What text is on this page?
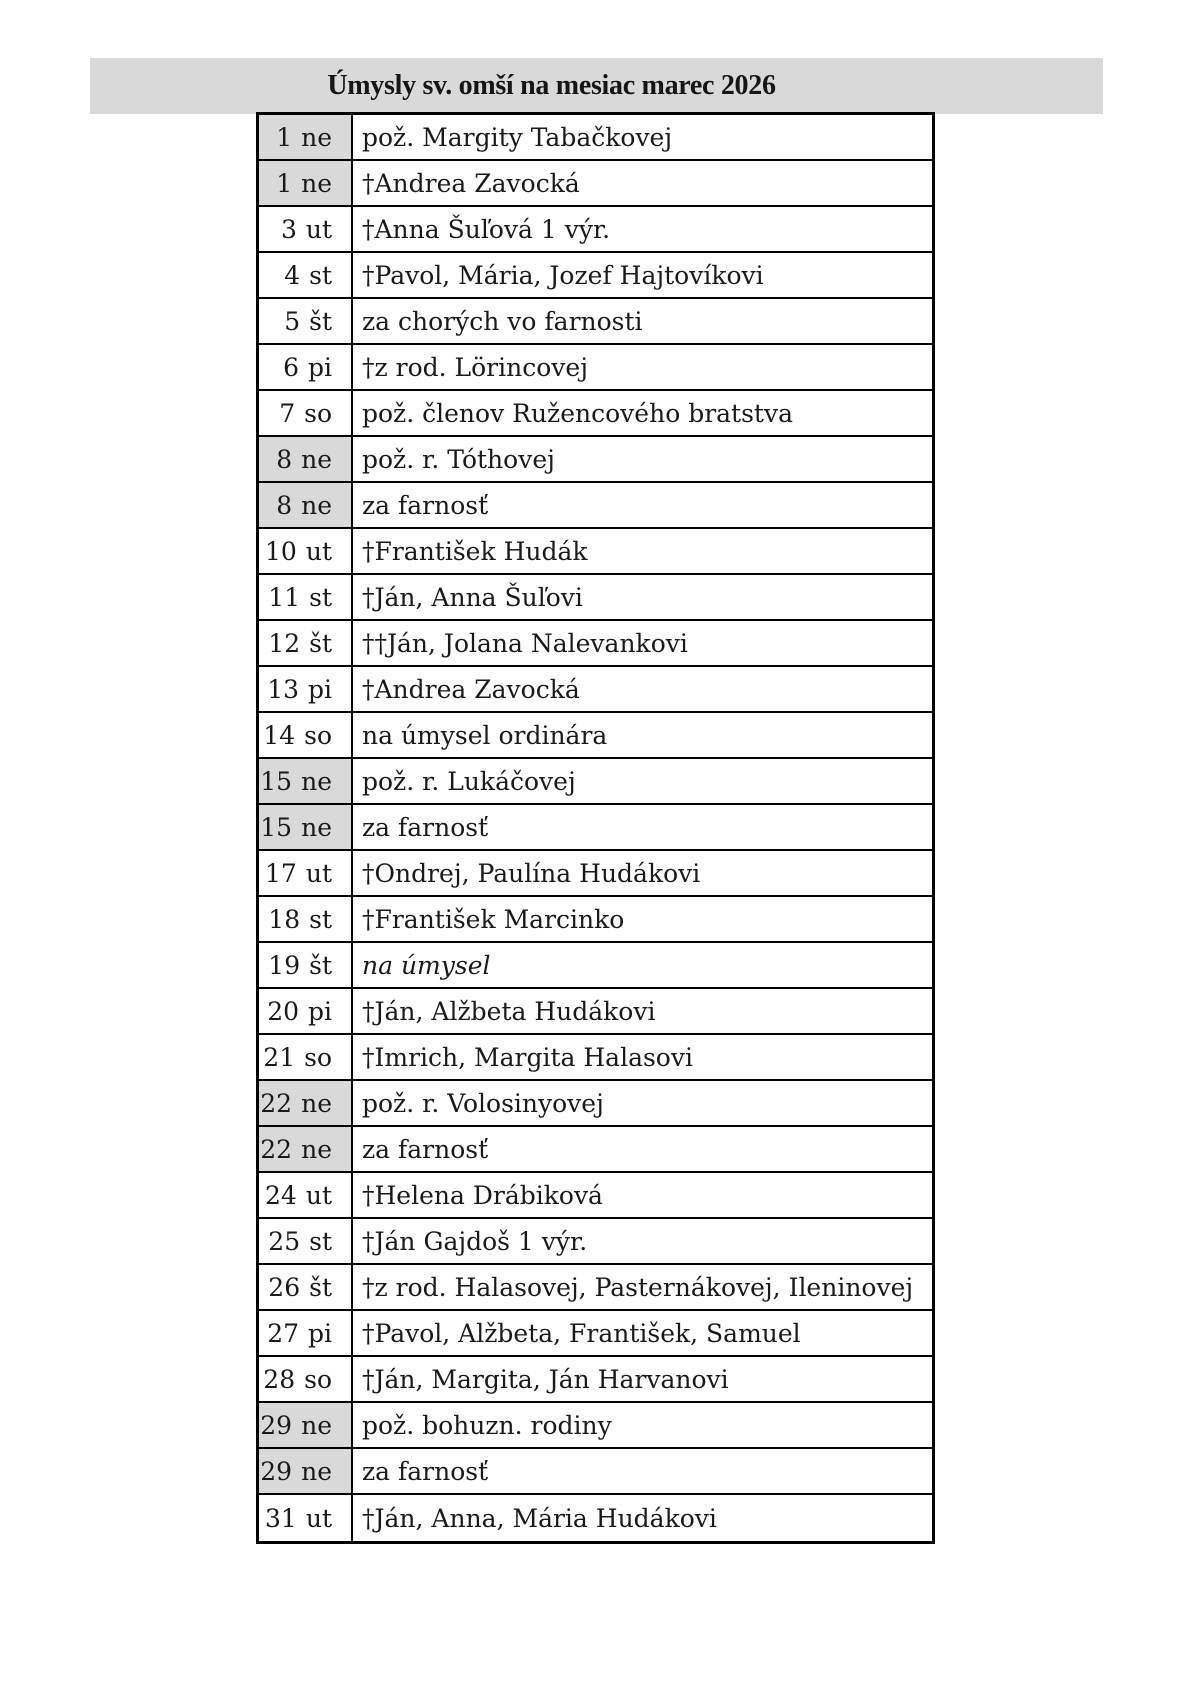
Úmysly sv. omší na mesiac marec 2026
1 ne	pož. Margity Tabačkovej
1 ne	†Andrea Zavocká
3 ut	†Anna Šuľová 1 výr.
4 st	†Pavol, Mária, Jozef Hajtovíkovi
5 št	za chorých vo farnosti
6 pi	†z rod. Lörincovej
7 so	pož. členov Ružencového bratstva
8 ne	pož. r. Tóthovej
8 ne	za farnosť
10 ut	†František Hudák
11 st	†Ján, Anna Šuľovi
12 št	††Ján, Jolana Nalevankovi
13 pi	†Andrea Zavocká
14 so	na úmysel ordinára
15 ne	pož. r. Lukáčovej
15 ne	za farnosť
17 ut	†Ondrej, Paulína Hudákovi
18 st	†František Marcinko
19 št	na úmysel
20 pi	†Ján, Alžbeta Hudákovi
21 so	†Imrich, Margita Halasovi
22 ne	pož. r. Volosinyovej
22 ne	za farnosť
24 ut	†Helena Drábiková
25 st	†Ján Gajdoš 1 výr.
26 št	†z rod. Halasovej, Pasternákovej, Ileninovej
27 pi	†Pavol, Alžbeta, František, Samuel
28 so	†Ján, Margita, Ján Harvanovi
29 ne	pož. bohuzn. rodiny
29 ne	za farnosť
31 ut	†Ján, Anna, Mária Hudákovi
